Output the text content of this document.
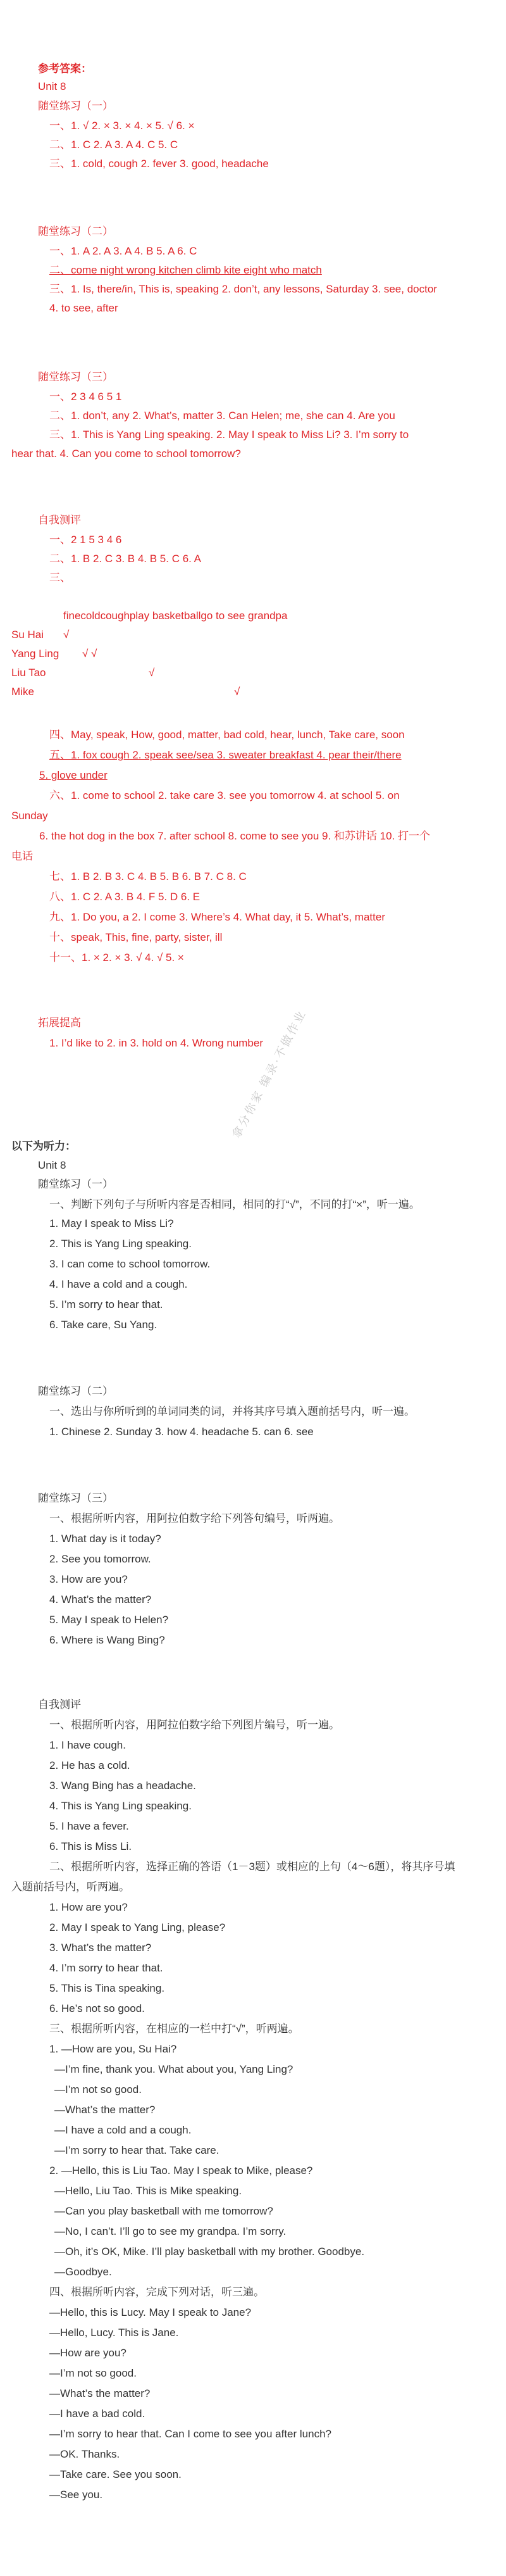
拿分你家 编录·不做作业
参考答案：
Unit 8
随堂练习（一）
一、1. √ 2. × 3. × 4. × 5. √ 6. ×
二、1. C 2. A 3. A 4. C 5. C
三、1. cold, cough 2. fever 3. good, headache
随堂练习（二）
一、1. A 2. A 3. A 4. B 5. A 6. C
二、come night wrong kitchen climb kite eight who match
三、1. Is, there/in, This is, speaking 2. don’t, any lessons, Saturday 3. see, doctor
4. to see, after
随堂练习（三）
一、2 3 4 6 5 1
二、1. don’t, any 2. What’s, matter 3. Can Helen; me, she can 4. Are you
三、1. This is Yang Ling speaking. 2. May I speak to Miss Li? 3. I’m sorry to
hear that. 4. Can you come to school tomorrow?
自我测评
一、2 1 5 3 4 6
二、1. B 2. C 3. B 4. B 5. C 6. A
三、
finecoldcoughplay basketballgo to see grandpa
Su Hai √
Yang Ling √ √
Liu Tao	√
Mike	√
四、May, speak, How, good, matter, bad cold, hear, lunch, Take care, soon
五、1. fox cough 2. speak see/sea 3. sweater breakfast 4. pear their/there
5. glove under
六、1. come to school 2. take care 3. see you tomorrow 4. at school 5. on
Sunday
6. the hot dog in the box 7. after school 8. come to see you 9. 和苏讲话 10. 打一个
电话
七、1. B 2. B 3. C 4. B 5. B 6. B 7. C 8. C
八、1. C 2. A 3. B 4. F 5. D 6. E
九、1. Do you, a 2. I come 3. Where’s 4. What day, it 5. What’s, matter
十、speak, This, fine, party, sister, ill
十一、1. × 2. × 3. √ 4. √ 5. ×
拓展提高
1. I’d like to 2. in 3. hold on 4. Wrong number
以下为听力：
Unit 8
随堂练习（一）
一、判断下列句子与所听内容是否相同，相同的打“√”，不同的打“×”，听一遍。
1. May I speak to Miss Li?
2. This is Yang Ling speaking.
3. I can come to school tomorrow.
4. I have a cold and a cough.
5. I’m sorry to hear that.
6. Take care, Su Yang.
随堂练习（二）
一、选出与你所听到的单词同类的词，并将其序号填入题前括号内，听一遍。
1. Chinese 2. Sunday 3. how 4. headache 5. can 6. see
随堂练习（三）
一、根据所听内容，用阿拉伯数字给下列答句编号，听两遍。
1. What day is it today?
2. See you tomorrow.
3. How are you?
4. What’s the matter?
5. May I speak to Helen?
6. Where is Wang Bing?
自我测评
一、根据所听内容，用阿拉伯数字给下列图片编号，听一遍。
1. I have cough.
2. He has a cold.
3. Wang Bing has a headache.
4. This is Yang Ling speaking.
5. I have a fever.
6. This is Miss Li.
二、根据所听内容，选择正确的答语（1－3题）或相应的上句（4～6题），将其序号填
入题前括号内，听两遍。
1. How are you?
2. May I speak to Yang Ling, please?
3. What’s the matter?
4. I’m sorry to hear that.
5. This is Tina speaking.
6. He’s not so good.
三、根据所听内容，在相应的一栏中打“√”，听两遍。
1. —How are you, Su Hai?
—I’m fine, thank you. What about you, Yang Ling?
—I’m not so good.
—What’s the matter?
—I have a cold and a cough.
—I’m sorry to hear that. Take care.
2. —Hello, this is Liu Tao. May I speak to Mike, please?
—Hello, Liu Tao. This is Mike speaking.
—Can you play basketball with me tomorrow?
—No, I can’t. I’ll go to see my grandpa. I’m sorry.
—Oh, it’s OK, Mike. I’ll play basketball with my brother. Goodbye.
—Goodbye.
四、根据所听内容，完成下列对话，听三遍。
—Hello, this is Lucy. May I speak to Jane?
—Hello, Lucy. This is Jane.
—How are you?
—I’m not so good.
—What’s the matter?
—I have a bad cold.
—I’m sorry to hear that. Can I come to see you after lunch?
—OK. Thanks.
—Take care. See you soon.
—See you.
